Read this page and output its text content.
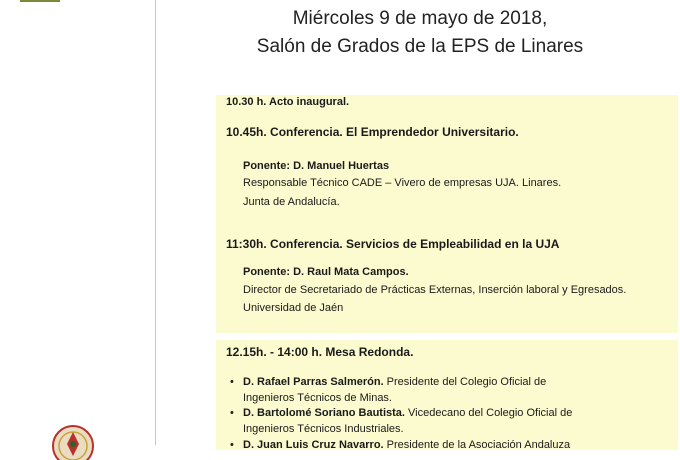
Miércoles 9 de mayo de 2018,
Salón de Grados de la EPS de Linares
10.30 h. Acto inaugural.
10.45h. Conferencia. El Emprendedor Universitario.
Ponente: D. Manuel Huertas
Responsable Técnico CADE – Vivero de empresas UJA. Linares.
Junta de Andalucía.
11:30h. Conferencia. Servicios de Empleabilidad en la UJA
Ponente: D. Raul Mata Campos.
Director de Secretariado de Prácticas Externas, Inserción laboral y Egresados.
Universidad de Jaén
12.15h. - 14:00 h. Mesa Redonda.
D. Rafael Parras Salmerón. Presidente del Colegio Oficial de
Ingenieros Técnicos de Minas.
D. Bartolomé Soriano Bautista. Vicedecano del Colegio Oficial de
Ingenieros Técnicos Industriales.
D. Juan Luis Cruz Navarro. Presidente de la Asociación Andaluza
